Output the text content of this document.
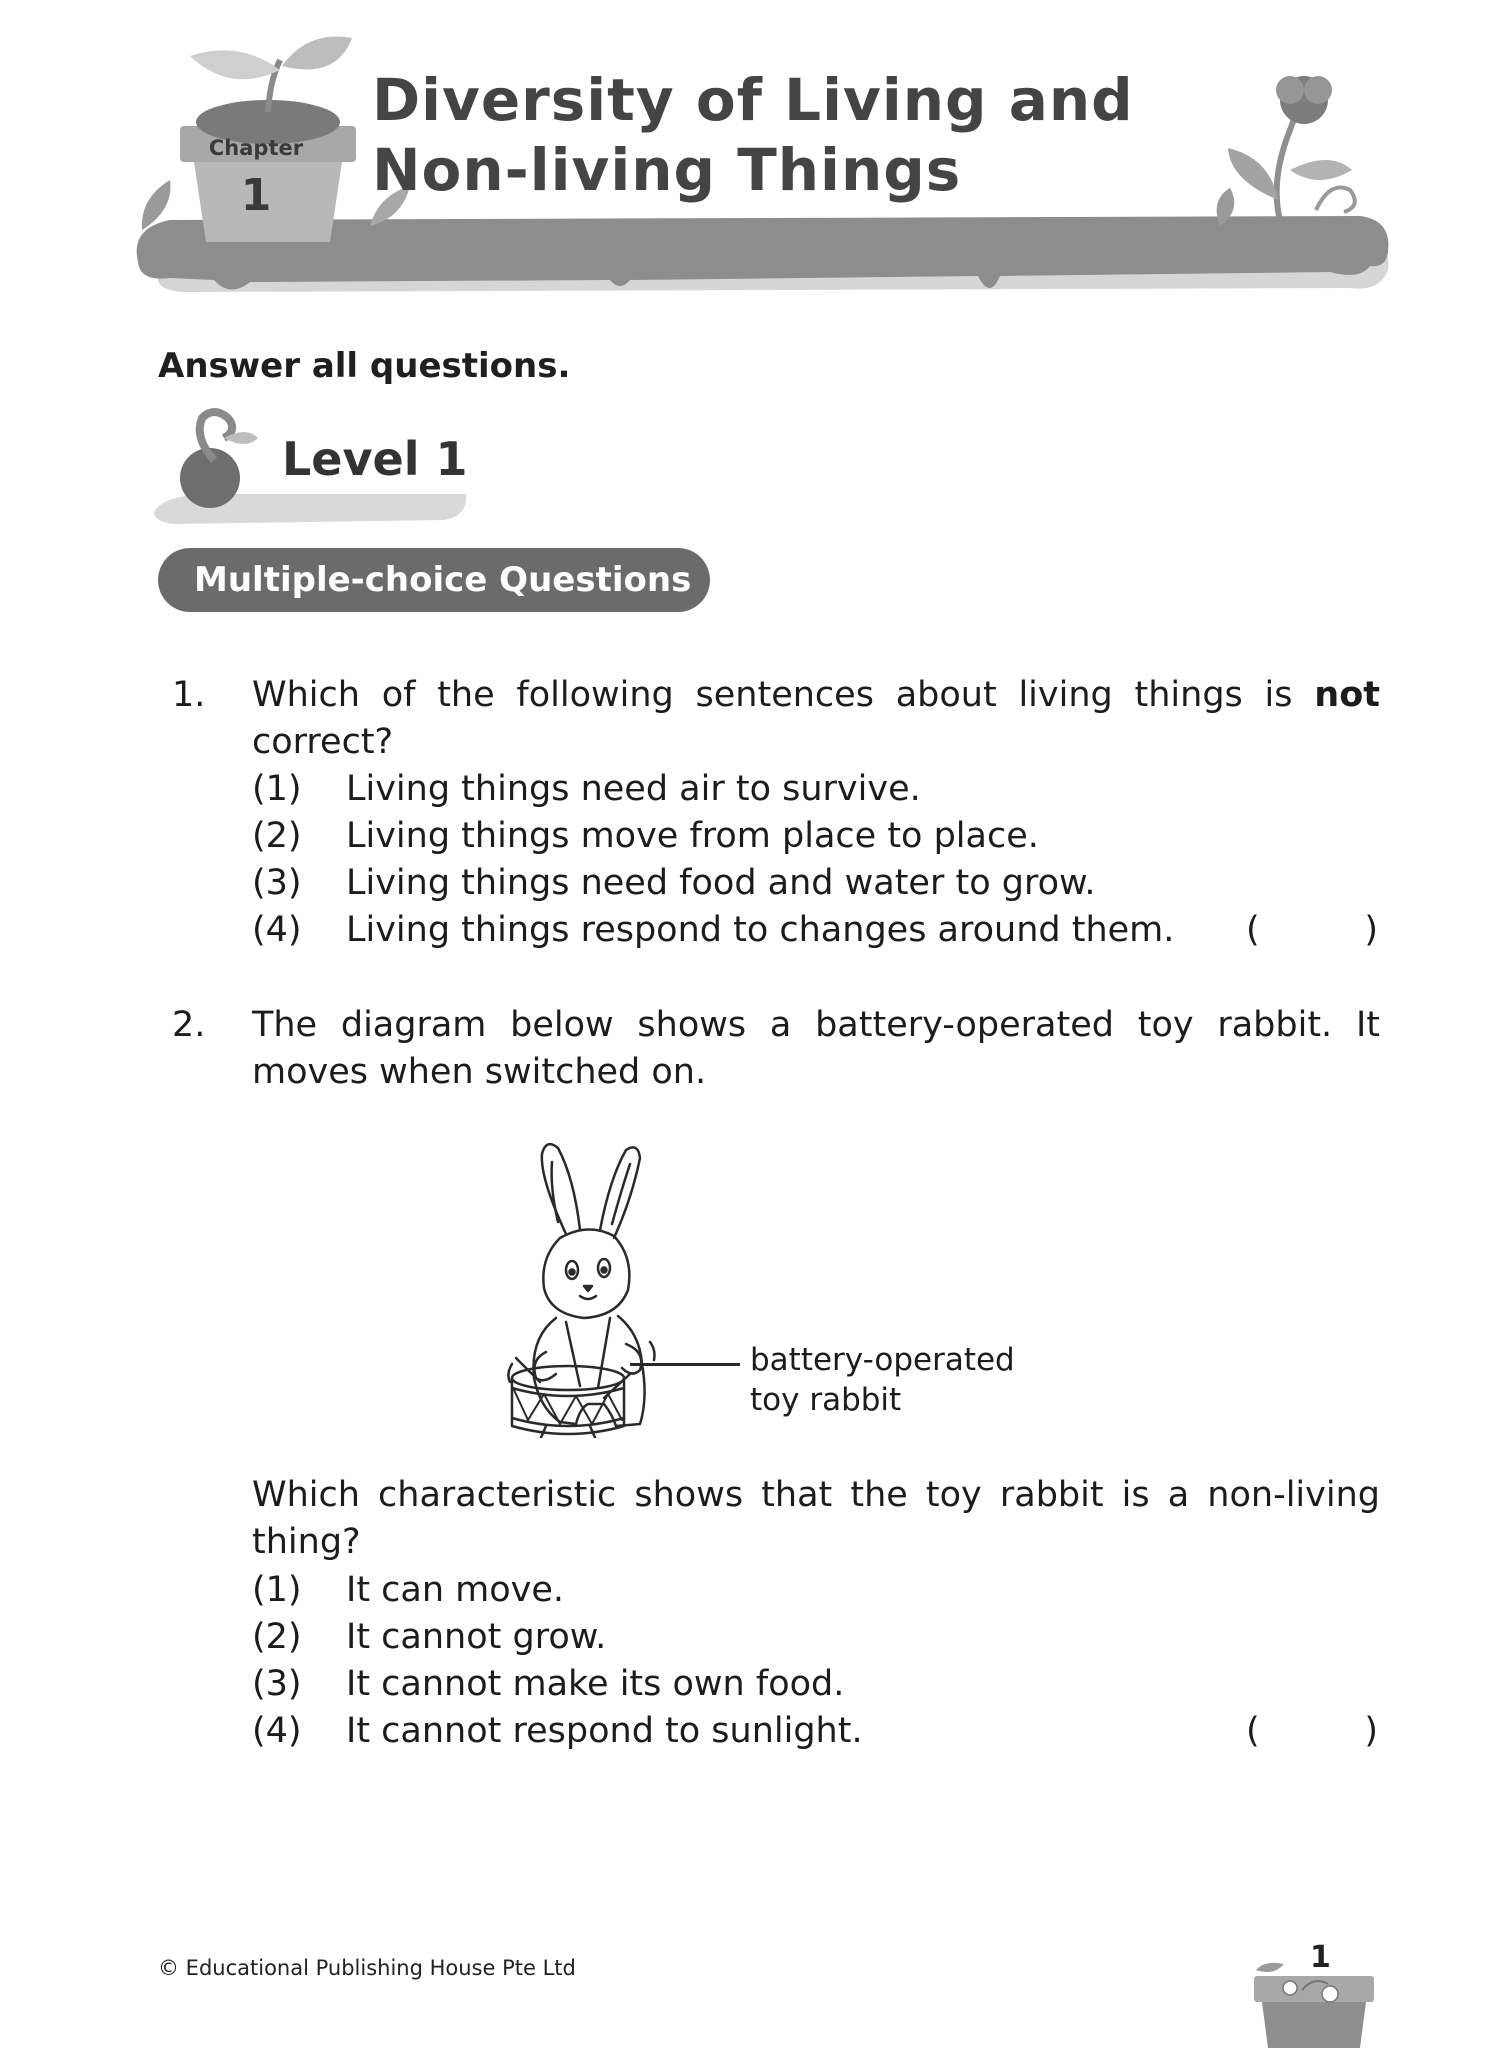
Chapter
1
Diversity of Living and
Non-living Things
Answer all questions.
Level 1
Multiple-choice Questions
1. Which of the following sentences about living things is not
correct?
(1) Living things need air to survive.
(2) Living things move from place to place.
(3) Living things need food and water to grow.
(4) Living things respond to changes around them. (	)
2. The diagram below shows a battery-operated toy rabbit. It moves when switched on.
battery-operated
toy rabbit
Which characteristic shows that the toy rabbit is a non-living thing?
(1) It can move.
(2) It cannot grow.
(3) It cannot make its own food.
(4) It cannot respond to sunlight.	(	)
© Educational Publishing House Pte Ltd	1
